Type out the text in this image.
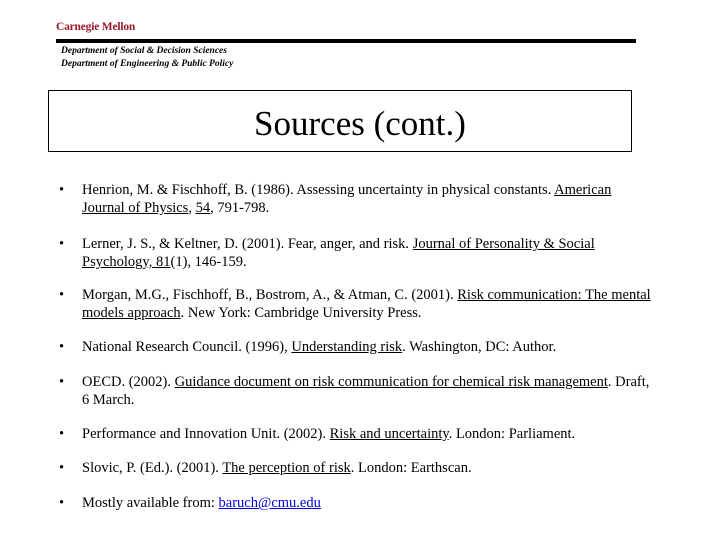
Carnegie Mellon
Department of Social & Decision Sciences
Department of Engineering & Public Policy
Sources (cont.)
• Henrion, M. & Fischhoff, B. (1986). Assessing uncertainty in physical constants. American Journal of Physics, 54, 791-798.
• Lerner, J. S., & Keltner, D. (2001). Fear, anger, and risk. Journal of Personality & Social Psychology, 81(1), 146-159.
• Morgan, M.G., Fischhoff, B., Bostrom, A., & Atman, C. (2001). Risk communication: The mental models approach. New York: Cambridge University Press.
• National Research Council. (1996), Understanding risk. Washington, DC: Author.
• OECD. (2002). Guidance document on risk communication for chemical risk management. Draft, 6 March.
• Performance and Innovation Unit. (2002). Risk and uncertainty. London: Parliament.
• Slovic, P. (Ed.). (2001). The perception of risk. London: Earthscan.
• Mostly available from: baruch@cmu.edu
